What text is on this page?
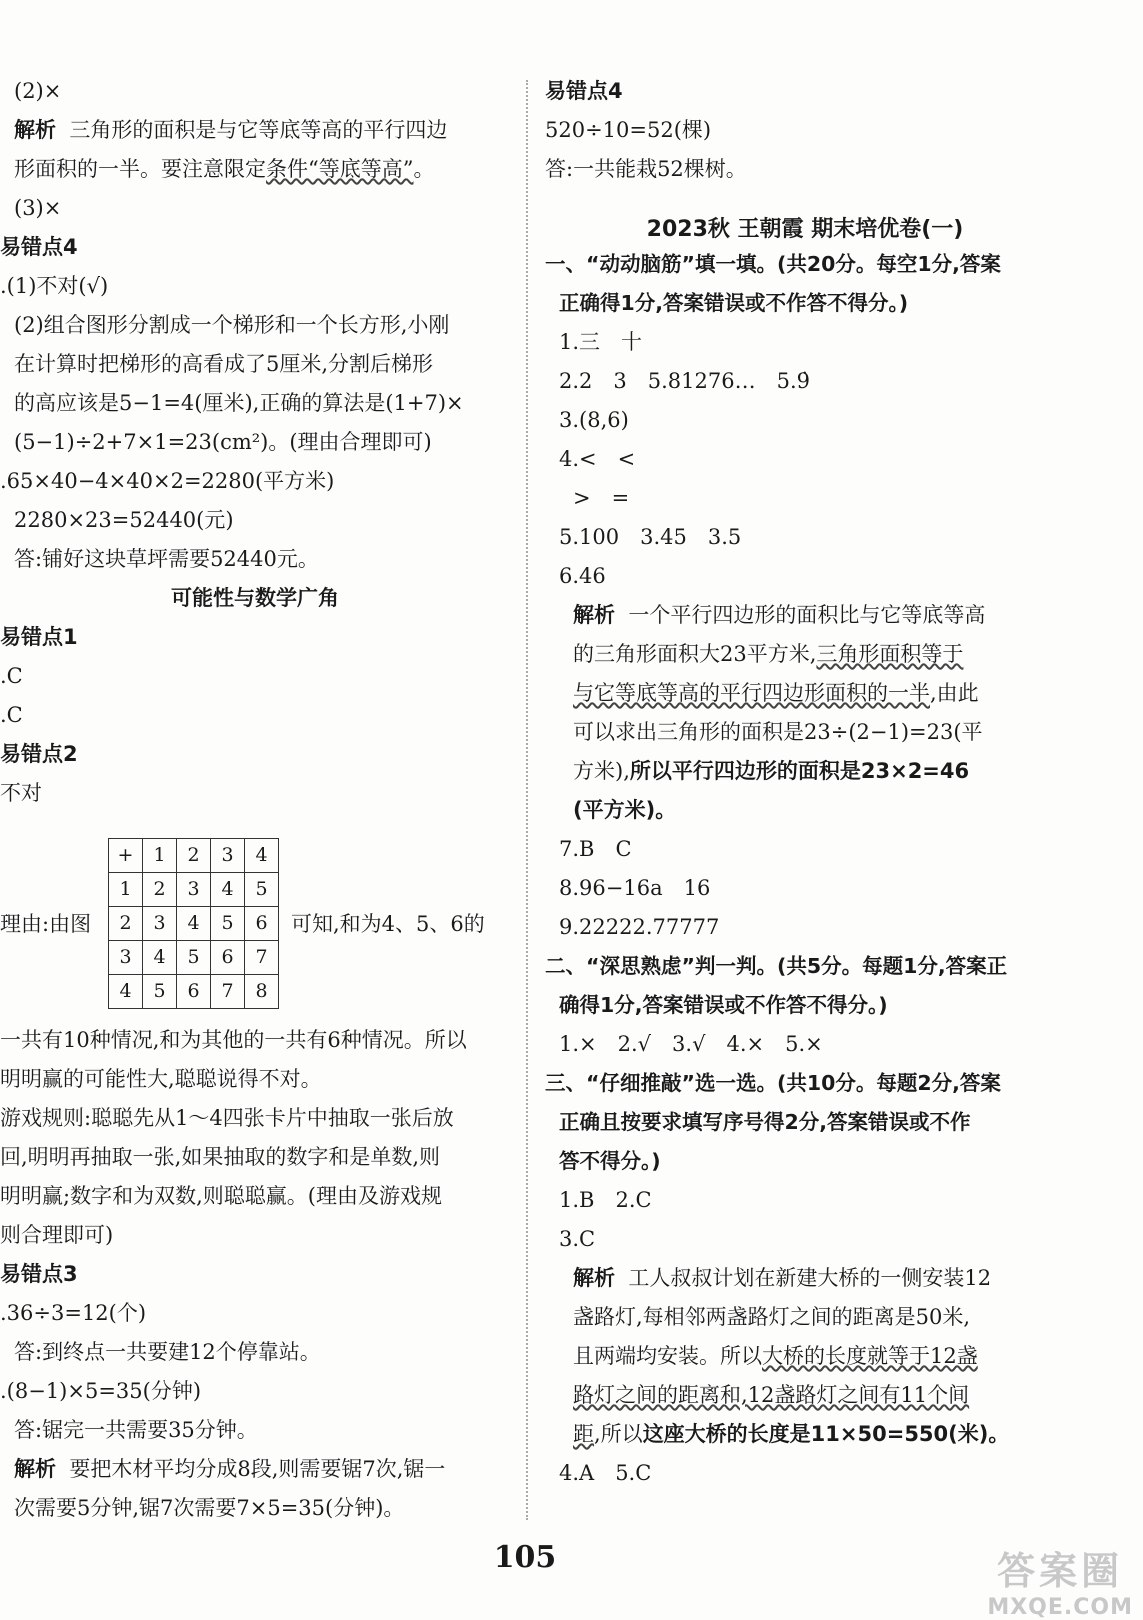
(2)×
解析 三角形的面积是与它等底等高的平行四边
形面积的一半。要注意限定条件“等底等高”。
(3)×
易错点4
.(1)不对(√)
(2)组合图形分割成一个梯形和一个长方形,小刚
在计算时把梯形的高看成了5厘米,分割后梯形
的高应该是5−1=4(厘米),正确的算法是(1+7)×
(5−1)÷2+7×1=23(cm²)。(理由合理即可)
.65×40−4×40×2=2280(平方米)
2280×23=52440(元)
答:铺好这块草坪需要52440元。
可能性与数学广角
易错点1
.C
.C
易错点2
不对
理由:由图
+	1	2	3	4
1	2	3	4	5
2	3	4	5	6
3	4	5	6	7
4	5	6	7	8
可知,和为4、5、6的
一共有10种情况,和为其他的一共有6种情况。所以
明明赢的可能性大,聪聪说得不对。
游戏规则:聪聪先从1～4四张卡片中抽取一张后放
回,明明再抽取一张,如果抽取的数字和是单数,则
明明赢;数字和为双数,则聪聪赢。(理由及游戏规
则合理即可)
易错点3
.36÷3=12(个)
答:到终点一共要建12个停靠站。
.(8−1)×5=35(分钟)
答:锯完一共需要35分钟。
解析 要把木材平均分成8段,则需要锯7次,锯一
次需要5分钟,锯7次需要7×5=35(分钟)。
易错点4
520÷10=52(棵)
答:一共能栽52棵树。
2023秋 王朝霞 期末培优卷(一)
一、“动动脑筋”填一填。(共20分。每空1分,答案
正确得1分,答案错误或不作答不得分。)
1.三　十
2.2　3　5.81276…　5.9̇
3.(8,6)
4.<　<
>　=
5.100　3.45　3.5
6.46
解析 一个平行四边形的面积比与它等底等高
的三角形面积大23平方米,三角形面积等于
与它等底等高的平行四边形面积的一半,由此
可以求出三角形的面积是23÷(2−1)=23(平
方米),所以平行四边形的面积是23×2=46
(平方米)。
7.B　C
8.96−16a　16
9.22222.77777
二、“深思熟虑”判一判。(共5分。每题1分,答案正
确得1分,答案错误或不作答不得分。)
1.×　2.√　3.√　4.×　5.×
三、“仔细推敲”选一选。(共10分。每题2分,答案
正确且按要求填写序号得2分,答案错误或不作
答不得分。)
1.B　2.C
3.C
解析 工人叔叔计划在新建大桥的一侧安装12
盏路灯,每相邻两盏路灯之间的距离是50米,
且两端均安装。所以大桥的长度就等于12盏
路灯之间的距离和,12盏路灯之间有11个间
距,所以这座大桥的长度是11×50=550(米)。
4.A　5.C
105	答案圈
MXQE.COM
